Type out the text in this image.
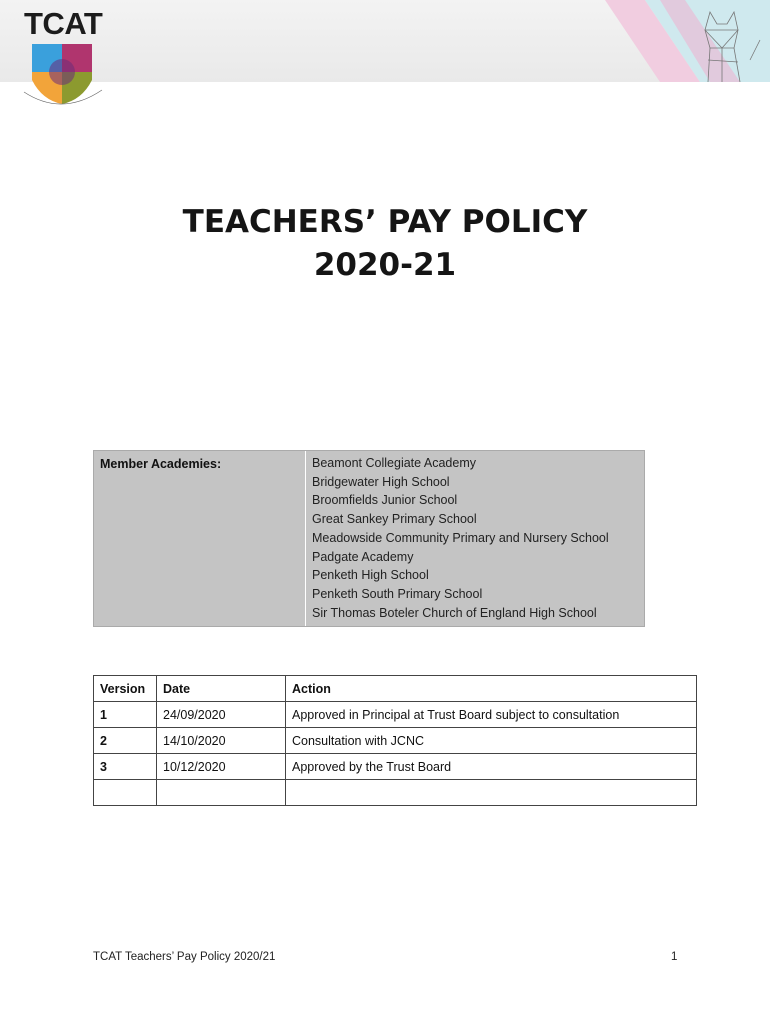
TCAT
TEACHERS’ PAY POLICY
2020-21
Member Academies:	Beamont Collegiate Academy
Bridgewater High School
Broomfields Junior School
Great Sankey Primary School
Meadowside Community Primary and Nursery School
Padgate Academy
Penketh High School
Penketh South Primary School
Sir Thomas Boteler Church of England High School
Version	Date	Action
1	24/09/2020	Approved in Principal at Trust Board subject to consultation
2	14/10/2020	Consultation with JCNC
3	10/12/2020	Approved by the Trust Board

TCAT Teachers’ Pay Policy 2020/21	1
